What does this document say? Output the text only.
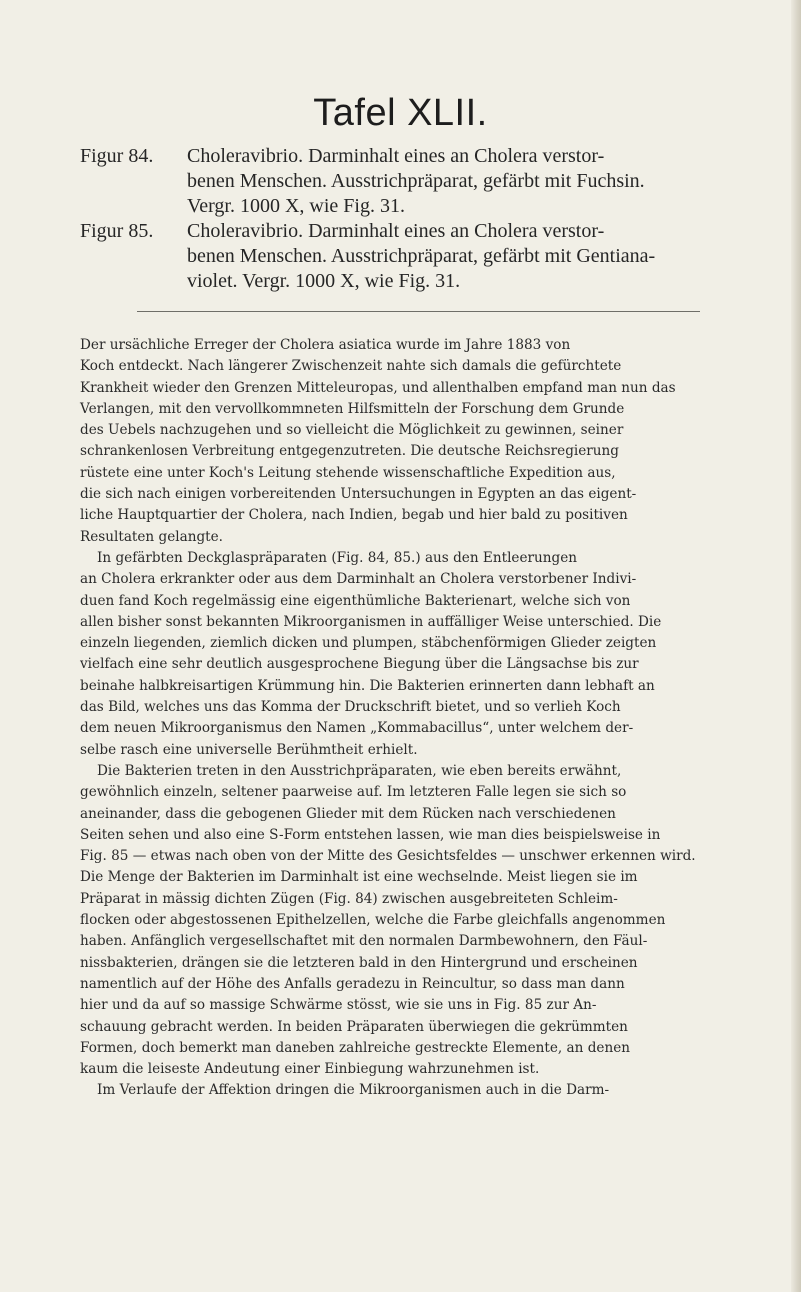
Tafel XLII.
Figur 84.	Choleravibrio. Darminhalt eines an Cholera verstor-
benen Menschen. Ausstrichpräparat, gefärbt mit Fuchsin.
Vergr. 1000 X, wie Fig. 31.
Figur 85.	Choleravibrio. Darminhalt eines an Cholera verstor-
benen Menschen. Ausstrichpräparat, gefärbt mit Gentiana-
violet. Vergr. 1000 X, wie Fig. 31.
Der ursächliche Erreger der Cholera asiatica wurde im Jahre 1883 von
Koch entdeckt. Nach längerer Zwischenzeit nahte sich damals die gefürchtete
Krankheit wieder den Grenzen Mitteleuropas, und allenthalben empfand man nun das
Verlangen, mit den vervollkommneten Hilfsmitteln der Forschung dem Grunde
des Uebels nachzugehen und so vielleicht die Möglichkeit zu gewinnen, seiner
schrankenlosen Verbreitung entgegenzutreten. Die deutsche Reichsregierung
rüstete eine unter Koch's Leitung stehende wissenschaftliche Expedition aus,
die sich nach einigen vorbereitenden Untersuchungen in Egypten an das eigent-
liche Hauptquartier der Cholera, nach Indien, begab und hier bald zu positiven
Resultaten gelangte.
In gefärbten Deckglaspräparaten (Fig. 84, 85.) aus den Entleerungen
an Cholera erkrankter oder aus dem Darminhalt an Cholera verstorbener Indivi-
duen fand Koch regelmässig eine eigenthümliche Bakterienart, welche sich von
allen bisher sonst bekannten Mikroorganismen in auffälliger Weise unterschied. Die
einzeln liegenden, ziemlich dicken und plumpen, stäbchenförmigen Glieder zeigten
vielfach eine sehr deutlich ausgesprochene Biegung über die Längsachse bis zur
beinahe halbkreisartigen Krümmung hin. Die Bakterien erinnerten dann lebhaft an
das Bild, welches uns das Komma der Druckschrift bietet, und so verlieh Koch
dem neuen Mikroorganismus den Namen „Kommabacillus“, unter welchem der-
selbe rasch eine universelle Berühmtheit erhielt.
Die Bakterien treten in den Ausstrichpräparaten, wie eben bereits erwähnt,
gewöhnlich einzeln, seltener paarweise auf. Im letzteren Falle legen sie sich so
aneinander, dass die gebogenen Glieder mit dem Rücken nach verschiedenen
Seiten sehen und also eine S-Form entstehen lassen, wie man dies beispielsweise in
Fig. 85 — etwas nach oben von der Mitte des Gesichtsfeldes — unschwer erkennen wird.
Die Menge der Bakterien im Darminhalt ist eine wechselnde. Meist liegen sie im
Präparat in mässig dichten Zügen (Fig. 84) zwischen ausgebreiteten Schleim-
flocken oder abgestossenen Epithelzellen, welche die Farbe gleichfalls angenommen
haben. Anfänglich vergesellschaftet mit den normalen Darmbewohnern, den Fäul-
nissbakterien, drängen sie die letzteren bald in den Hintergrund und erscheinen
namentlich auf der Höhe des Anfalls geradezu in Reincultur, so dass man dann
hier und da auf so massige Schwärme stösst, wie sie uns in Fig. 85 zur An-
schauung gebracht werden. In beiden Präparaten überwiegen die gekrümmten
Formen, doch bemerkt man daneben zahlreiche gestreckte Elemente, an denen
kaum die leiseste Andeutung einer Einbiegung wahrzunehmen ist.
Im Verlaufe der Affektion dringen die Mikroorganismen auch in die Darm-
